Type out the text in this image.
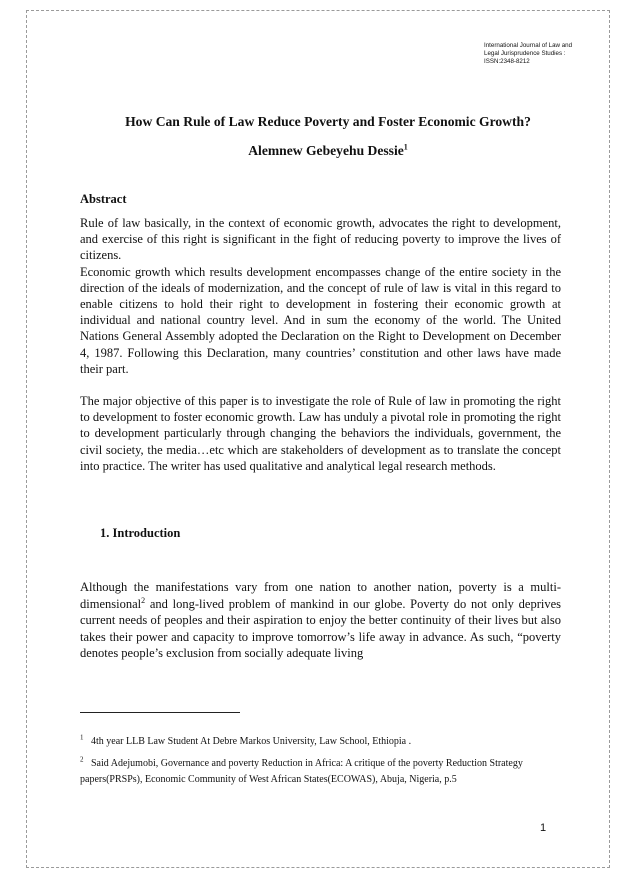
International Journal of Law and
Legal Jurisprudence Studies :
ISSN:2348-8212
How Can Rule of Law Reduce Poverty and Foster Economic Growth?
Alemnew Gebeyehu Dessie$^1$
Abstract

Rule of law basically, in the context of economic growth, advocates the right to development, and exercise of this right is significant in the fight of reducing poverty to improve the lives of citizens.

Economic growth which results development encompasses change of the entire society in the direction of the ideals of modernization, and the concept of rule of law is vital in this regard to enable citizens to hold their right to development in fostering their economic growth at individual and national country level. And in sum the economy of the world. The United Nations General Assembly adopted the Declaration on the Right to Development on December 4, 1987. Following this Declaration, many countries’ constitution and other laws have made their part.

The major objective of this paper is to investigate the role of Rule of law in promoting the right to development to foster economic growth. Law has unduly a pivotal role in promoting the right to development particularly through changing the behaviors the individuals, government, the civil society, the media…etc which are stakeholders of development as to translate the concept into practice. The writer has used qualitative and analytical legal research methods.

1. Introduction

Although the manifestations vary from one nation to another nation, poverty is a multi-dimensional$^2$ and long-lived problem of mankind in our globe. Poverty do not only deprives current needs of peoples and their aspiration to enjoy the better continuity of their lives but also takes their power and capacity to improve tomorrow’s life away in advance. As such, “poverty denotes people’s exclusion from socially adequate living

$^1$ 4th year LLB Law Student At Debre Markos University, Law School, Ethiopia .
$^2$ Said Adejumobi, Governance and poverty Reduction in Africa: A critique of the poverty Reduction Strategy papers(PRSPs), Economic Community of West African States(ECOWAS), Abuja, Nigeria, p.5
1
